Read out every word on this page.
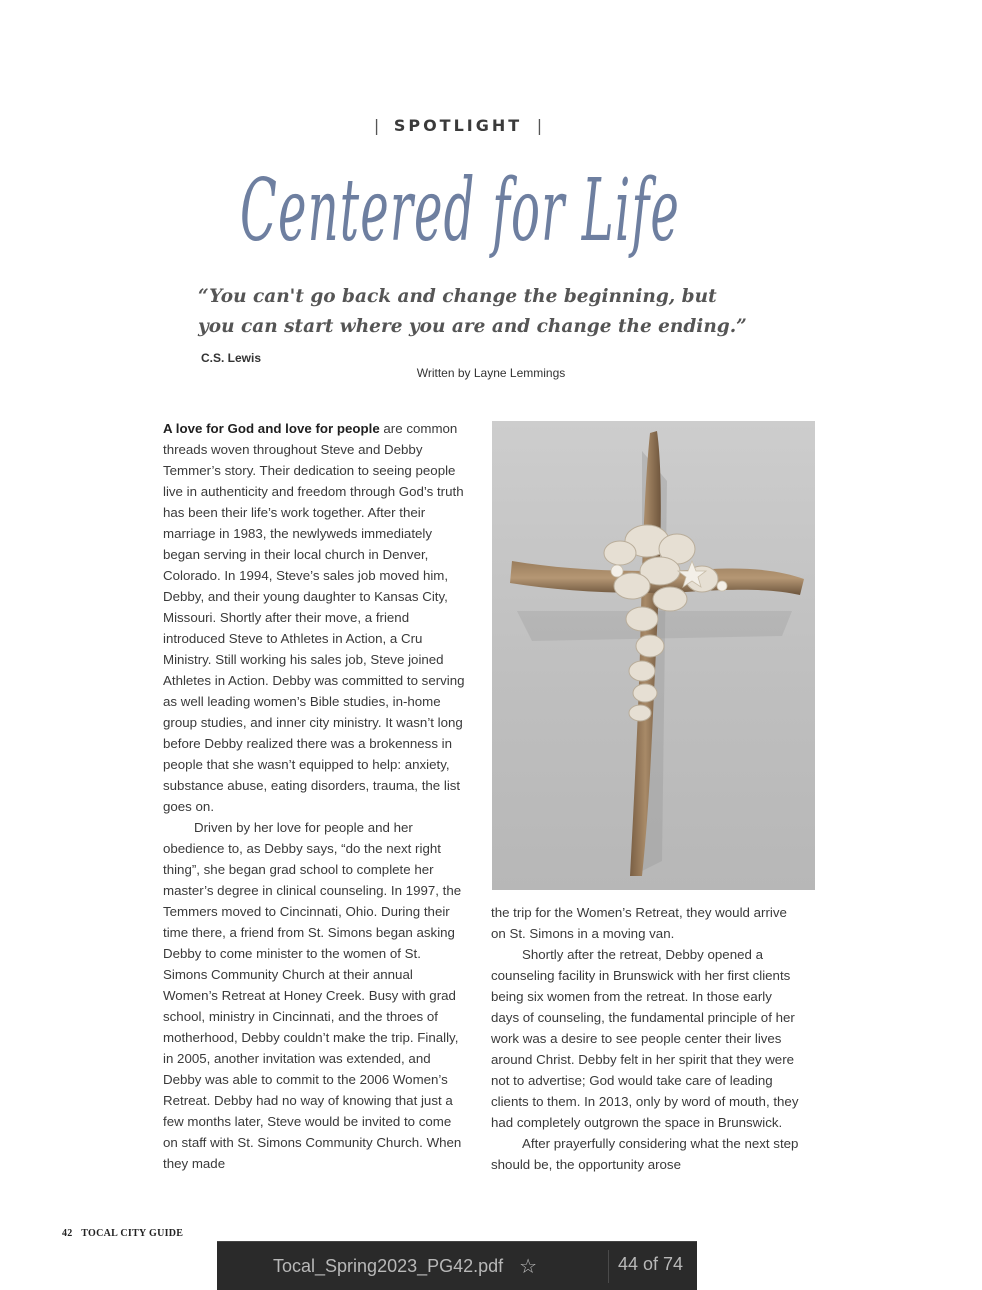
| SPOTLIGHT |
Centered for Life
“You can't go back and change the beginning, but you can start where you are and change the ending.” C.S. Lewis
Written by Layne Lemmings

A love for God and love for people are common threads woven throughout Steve and Debby Temmer’s story. Their dedication to seeing people live in authenticity and freedom through God’s truth has been their life’s work together. After their marriage in 1983, the newlyweds immediately began serving in their local church in Denver, Colorado. In 1994, Steve’s sales job moved him, Debby, and their young daughter to Kansas City, Missouri. Shortly after their move, a friend introduced Steve to Athletes in Action, a Cru Ministry. Still working his sales job, Steve joined Athletes in Action. Debby was committed to serving as well leading women’s Bible studies, in-home group studies, and inner city ministry. It wasn’t long before Debby realized there was a brokenness in people that she wasn’t equipped to help: anxiety, substance abuse, eating disorders, trauma, the list goes on.

Driven by her love for people and her obedience to, as Debby says, “do the next right thing”, she began grad school to complete her master’s degree in clinical counseling. In 1997, the Temmers moved to Cincinnati, Ohio. During their time there, a friend from St. Simons began asking Debby to come minister to the women of St. Simons Community Church at their annual Women’s Retreat at Honey Creek. Busy with grad school, ministry in Cincinnati, and the throes of motherhood, Debby couldn’t make the trip. Finally, in 2005, another invitation was extended, and Debby was able to commit to the 2006 Women’s Retreat. Debby had no way of knowing that just a few months later, Steve would be invited to come on staff with St. Simons Community Church. When they made

the trip for the Women’s Retreat, they would arrive on St. Simons in a moving van.

Shortly after the retreat, Debby opened a counseling facility in Brunswick with her first clients being six women from the retreat. In those early days of counseling, the fundamental principle of her work was a desire to see people center their lives around Christ. Debby felt in her spirit that they were not to advertise; God would take care of leading clients to them. In 2013, only by word of mouth, they had completely outgrown the space in Brunswick.

After prayerfully considering what the next step should be, the opportunity arose

42 TOCAL CITY GUIDE
Tocal_Spring2023_PG42.pdf ☆	44 of 74
